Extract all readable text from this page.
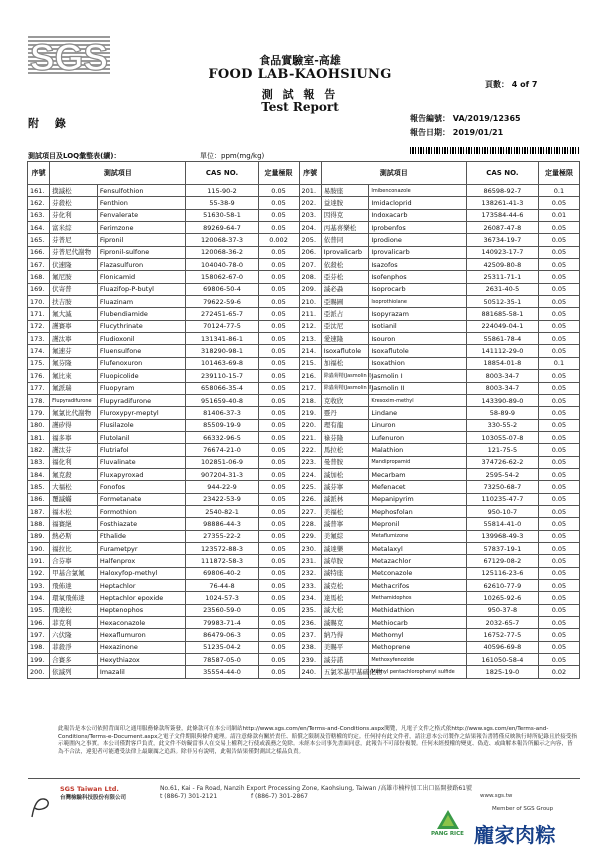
SGS	食品實驗室-高雄
FOOD LAB-KAOHSIUNG
測 試 報 告
Test Report
頁數： 4 of 7
附 錄	報告編號： VA/2019/12365
報告日期： 2019/01/21
測試項目及LOQ彙整表(續)：	單位：ppm(mg/kg)
序號	測試項目		CAS NO.	定量極限	序號	測試項目		CAS NO.	定量極限
161.	撲滅松	Fensulfothion	115-90-2	0.05	201.	易胺座	Imibenconazole	86598-92-7	0.1
162.	芬殺松	Fenthion	55-38-9	0.05	202.	益達胺	Imidacloprid	138261-41-3	0.05
163.	芬化利	Fenvalerate	51630-58-1	0.05	203.	因得克	Indoxacarb	173584-44-6	0.01
164.	富米綜	Ferimzone	89269-64-7	0.05	204.	丙基喜樂松	Iprobenfos	26087-47-8	0.05
165.	芬普尼	Fipronil	120068-37-3	0.002	205.	依普同	Iprodione	36734-19-7	0.05
166.	芬普尼代謝物	Fipronil-sulfone	120068-36-2	0.05	206.	Iprovalicarb	Iprovalicarb	140923-17-7	0.05
167.	伏速隆	Flazasulfuron	104040-78-0	0.05	207.	依殺松	Isazofos	42509-80-8	0.05
168.	氟尼胺	Flonicamid	158062-67-0	0.05	208.	亞芬松	Isofenphos	25311-71-1	0.05
169.	伏寄普	Fluazifop-P-butyl	69806-50-4	0.05	209.	滅必蝨	Isoprocarb	2631-40-5	0.05
170.	扶吉胺	Fluazinam	79622-59-6	0.05	210.	亞賜圃	Isoprothiolane	50512-35-1	0.05
171.	氟大滅	Flubendiamide	272451-65-7	0.05	211.	亞派占	Isopyrazam	881685-58-1	0.05
172.	護賽寧	Flucythrinate	70124-77-5	0.05	212.	亞汰尼	Isotianil	224049-04-1	0.05
173.	護汰寧	Fludioxonil	131341-86-1	0.05	213.	愛速隆	Isouron	55861-78-4	0.05
174.	氟速芬	Fluensulfone	318290-98-1	0.05	214.	Isoxaflutole	Isoxaflutole	141112-29-0	0.05
175.	氟芬隆	Flufenoxuron	101463-69-8	0.05	215.	加福松	Isoxathion	18854-01-8	0.1
176.	氟比來	Fluopicolide	239110-15-7	0.05	216.	除蟲菊精(Jasmolin I)	Jasmolin I	8003-34-7	0.05
177.	氟派瑞	Fluopyram	658066-35-4	0.05	217.	除蟲菊精(Jasmolin II)	Jasmolin II	8003-34-7	0.05
178.	Flupyradifurone	Flupyradifurone	951659-40-8	0.05	218.	克收欣	Kresoxim-methyl	143390-89-0	0.05
179.	氟氯比代謝物	Fluroxypyr-meptyl	81406-37-3	0.05	219.	靈丹	Lindane	58-89-9	0.05
180.	護矽得	Flusilazole	85509-19-9	0.05	220.	理有龍	Linuron	330-55-2	0.05
181.	福多寧	Flutolanil	66332-96-5	0.05	221.	祿芬隆	Lufenuron	103055-07-8	0.05
182.	護汰芬	Flutriafol	76674-21-0	0.05	222.	馬拉松	Malathion	121-75-5	0.05
183.	福化利	Fluvalinate	102851-06-9	0.05	223.	曼普胺	Mandipropamid	374726-62-2	0.05
184.	氟克殺	Fluxapyroxad	907204-31-3	0.05	224.	滅加松	Mecarbam	2595-54-2	0.05
185.	大福松	Fonofos	944-22-9	0.05	225.	滅芬寧	Mefenacet	73250-68-7	0.05
186.	覆滅蟎	Formetanate	23422-53-9	0.05	226.	滅派林	Mepanipyrim	110235-47-7	0.05
187.	福木松	Formothion	2540-82-1	0.05	227.	美福松	Mephosfolan	950-10-7	0.05
188.	福賽絕	Fosthiazate	98886-44-3	0.05	228.	滅普寧	Mepronil	55814-41-0	0.05
189.	熱必斯	Fthalide	27355-22-2	0.05	229.	美氟綜	Metaflumizone	139968-49-3	0.05
190.	福拉比	Furametpyr	123572-88-3	0.05	230.	滅達樂	Metalaxyl	57837-19-1	0.05
191.	合芬寧	Halfenprox	111872-58-3	0.05	231.	滅草胺	Metazachlor	67129-08-2	0.05
192.	甲基合氯氟	Haloxyfop-methyl	69806-40-2	0.05	232.	滅特座	Metconazole	125116-23-6	0.05
193.	飛佈達	Heptachlor	76-44-8	0.05	233.	滅克松	Methacrifos	62610-77-9	0.05
194.	環氧飛佈達	Heptachlor epoxide	1024-57-3	0.05	234.	達馬松	Methamidophos	10265-92-6	0.05
195.	飛達松	Heptenophos	23560-59-0	0.05	235.	滅大松	Methidathion	950-37-8	0.05
196.	菲克利	Hexaconazole	79983-71-4	0.05	236.	滅賜克	Methiocarb	2032-65-7	0.05
197.	六伏隆	Hexaflumuron	86479-06-3	0.05	237.	納乃得	Methomyl	16752-77-5	0.05
198.	菲殺淨	Hexazinone	51235-04-2	0.05	238.	美賜平	Methoprene	40596-69-8	0.05
199.	合賽多	Hexythiazox	78587-05-0	0.05	239.	滅芬諾	Methoxyfenozide	161050-58-4	0.05
200.	依滅列	Imazalil	35554-44-0	0.05	240.	五氯苯基甲基硫化物	Methyl pentachlorophenyl sulfide	1825-19-0	0.02
此報告是本公司依照背面印之通用服務條款所簽發，此條款可在本公司網站http://www.sgs.com/en/Terms-and-Conditions.aspx閱覽，凡電子文件之格式依http://www.sgs.com/en/Terms-and-Conditions/Terms-e-Document.aspx之電子文件期限與條件處理。請注意條款有關於責任、賠償之限制及管轄權的約定。任何持有此文件者，請注意本公司製作之結果報告書將僅反映執行時所紀錄且於接受指示範圍內之事實。本公司僅對客戶負責，此文件不妨礙當事人在交易上權利之行使或義務之免除。未經本公司事先書面同意，此報告不可部份複製。任何未經授權的變更、偽造、或曲解本報告所顯示之內容，皆為不合法，違犯者可能遭受法律上最嚴厲之追訴。除非另有說明，此報告結果僅對測試之樣品負責。
SGS Taiwan Ltd.
台灣檢驗科技股份有限公司
No.61, Kai - Fa Road, Nanzih Export Processing Zone, Kaohsiung, Taiwan /高雄市楠梓加工出口區開發路61號
t (886-7) 301-2121	f (886-7) 301-2867	www.sgs.tw
Member of SGS Group
PANG RICE 龐家肉粽
